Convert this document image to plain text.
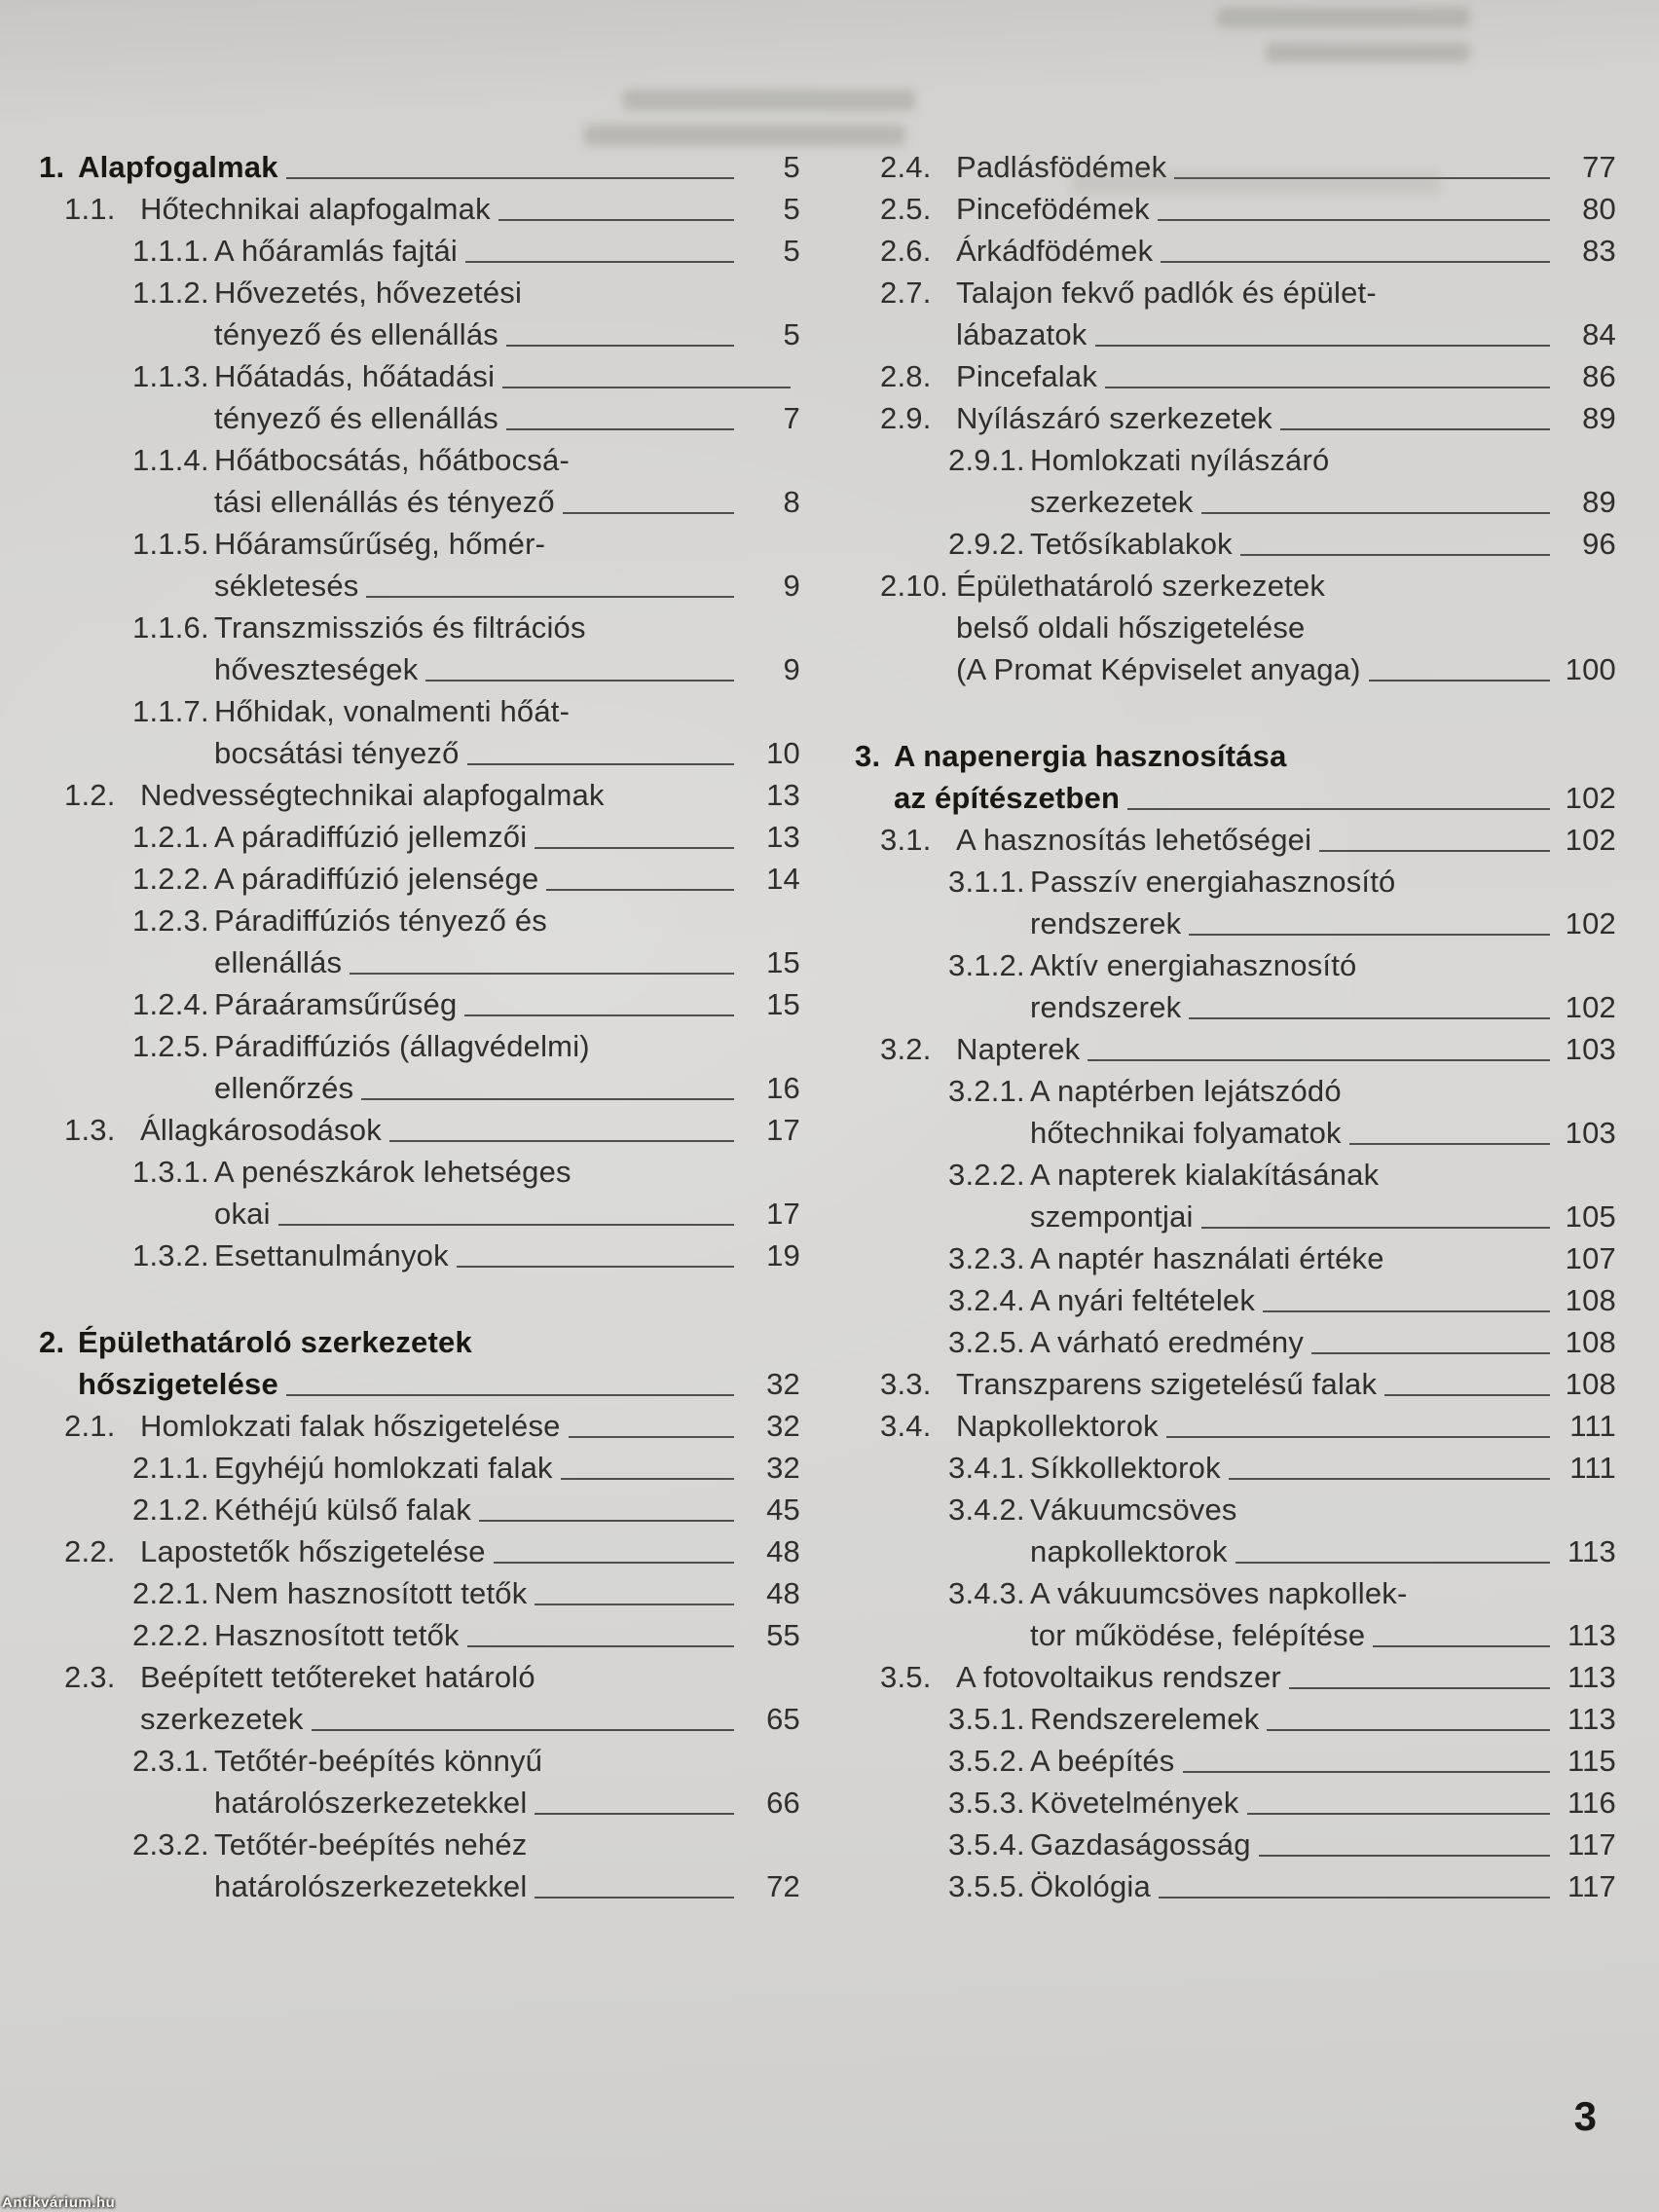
1. Alapfogalmak	5
1.1. Hőtechnikai alapfogalmak	5
1.1.1. A hőáramlás fajtái	5
1.1.2. Hővezetés, hővezetési
tényező és ellenállás	5
1.1.3. Hőátadás, hőátadási
tényező és ellenállás	7
1.1.4. Hőátbocsátás, hőátbocsá-
tási ellenállás és tényező	8
1.1.5. Hőáramsűrűség, hőmér-
sékletesés	9
1.1.6. Transzmissziós és filtrációs
hőveszteségek	9
1.1.7. Hőhidak, vonalmenti hőát-
bocsátási tényező	10
1.2. Nedvességtechnikai alapfogalmak	13
1.2.1. A páradiffúzió jellemzői	13
1.2.2. A páradiffúzió jelensége	14
1.2.3. Páradiffúziós tényező és
ellenállás	15
1.2.4. Páraáramsűrűség	15
1.2.5. Páradiffúziós (állagvédelmi)
ellenőrzés	16
1.3. Állagkárosodások	17
1.3.1. A penészkárok lehetséges
okai	17
1.3.2. Esettanulmányok	19
2. Épülethatároló szerkezetek
hőszigetelése	32
2.1. Homlokzati falak hőszigetelése	32
2.1.1. Egyhéjú homlokzati falak	32
2.1.2. Kéthéjú külső falak	45
2.2. Lapostetők hőszigetelése	48
2.2.1. Nem hasznosított tetők	48
2.2.2. Hasznosított tetők	55
2.3. Beépített tetőtereket határoló
szerkezetek	65
2.3.1. Tetőtér-beépítés könnyű
határolószerkezetekkel	66
2.3.2. Tetőtér-beépítés nehéz
határolószerkezetekkel	72
2.4. Padlásfödémek	77
2.5. Pincefödémek	80
2.6. Árkádfödémek	83
2.7. Talajon fekvő padlók és épület-
lábazatok	84
2.8. Pincefalak	86
2.9. Nyílászáró szerkezetek	89
2.9.1. Homlokzati nyílászáró
szerkezetek	89
2.9.2. Tetősíkablakok	96
2.10. Épülethatároló szerkezetek
belső oldali hőszigetelése
(A Promat Képviselet anyaga)	100
3. A napenergia hasznosítása
az építészetben	102
3.1. A hasznosítás lehetőségei	102
3.1.1. Passzív energiahasznosító
rendszerek	102
3.1.2. Aktív energiahasznosító
rendszerek	102
3.2. Napterek	103
3.2.1. A naptérben lejátszódó
hőtechnikai folyamatok	103
3.2.2. A napterek kialakításának
szempontjai	105
3.2.3. A naptér használati értéke	107
3.2.4. A nyári feltételek	108
3.2.5. A várható eredmény	108
3.3. Transzparens szigetelésű falak	108
3.4. Napkollektorok	111
3.4.1. Síkkollektorok	111
3.4.2. Vákuumcsöves
napkollektorok	113
3.4.3. A vákuumcsöves napkollek-
tor működése, felépítése	113
3.5. A fotovoltaikus rendszer	113
3.5.1. Rendszerelemek	113
3.5.2. A beépítés	115
3.5.3. Követelmények	116
3.5.4. Gazdaságosság	117
3.5.5. Ökológia	117
3
Antikvárium.hu
